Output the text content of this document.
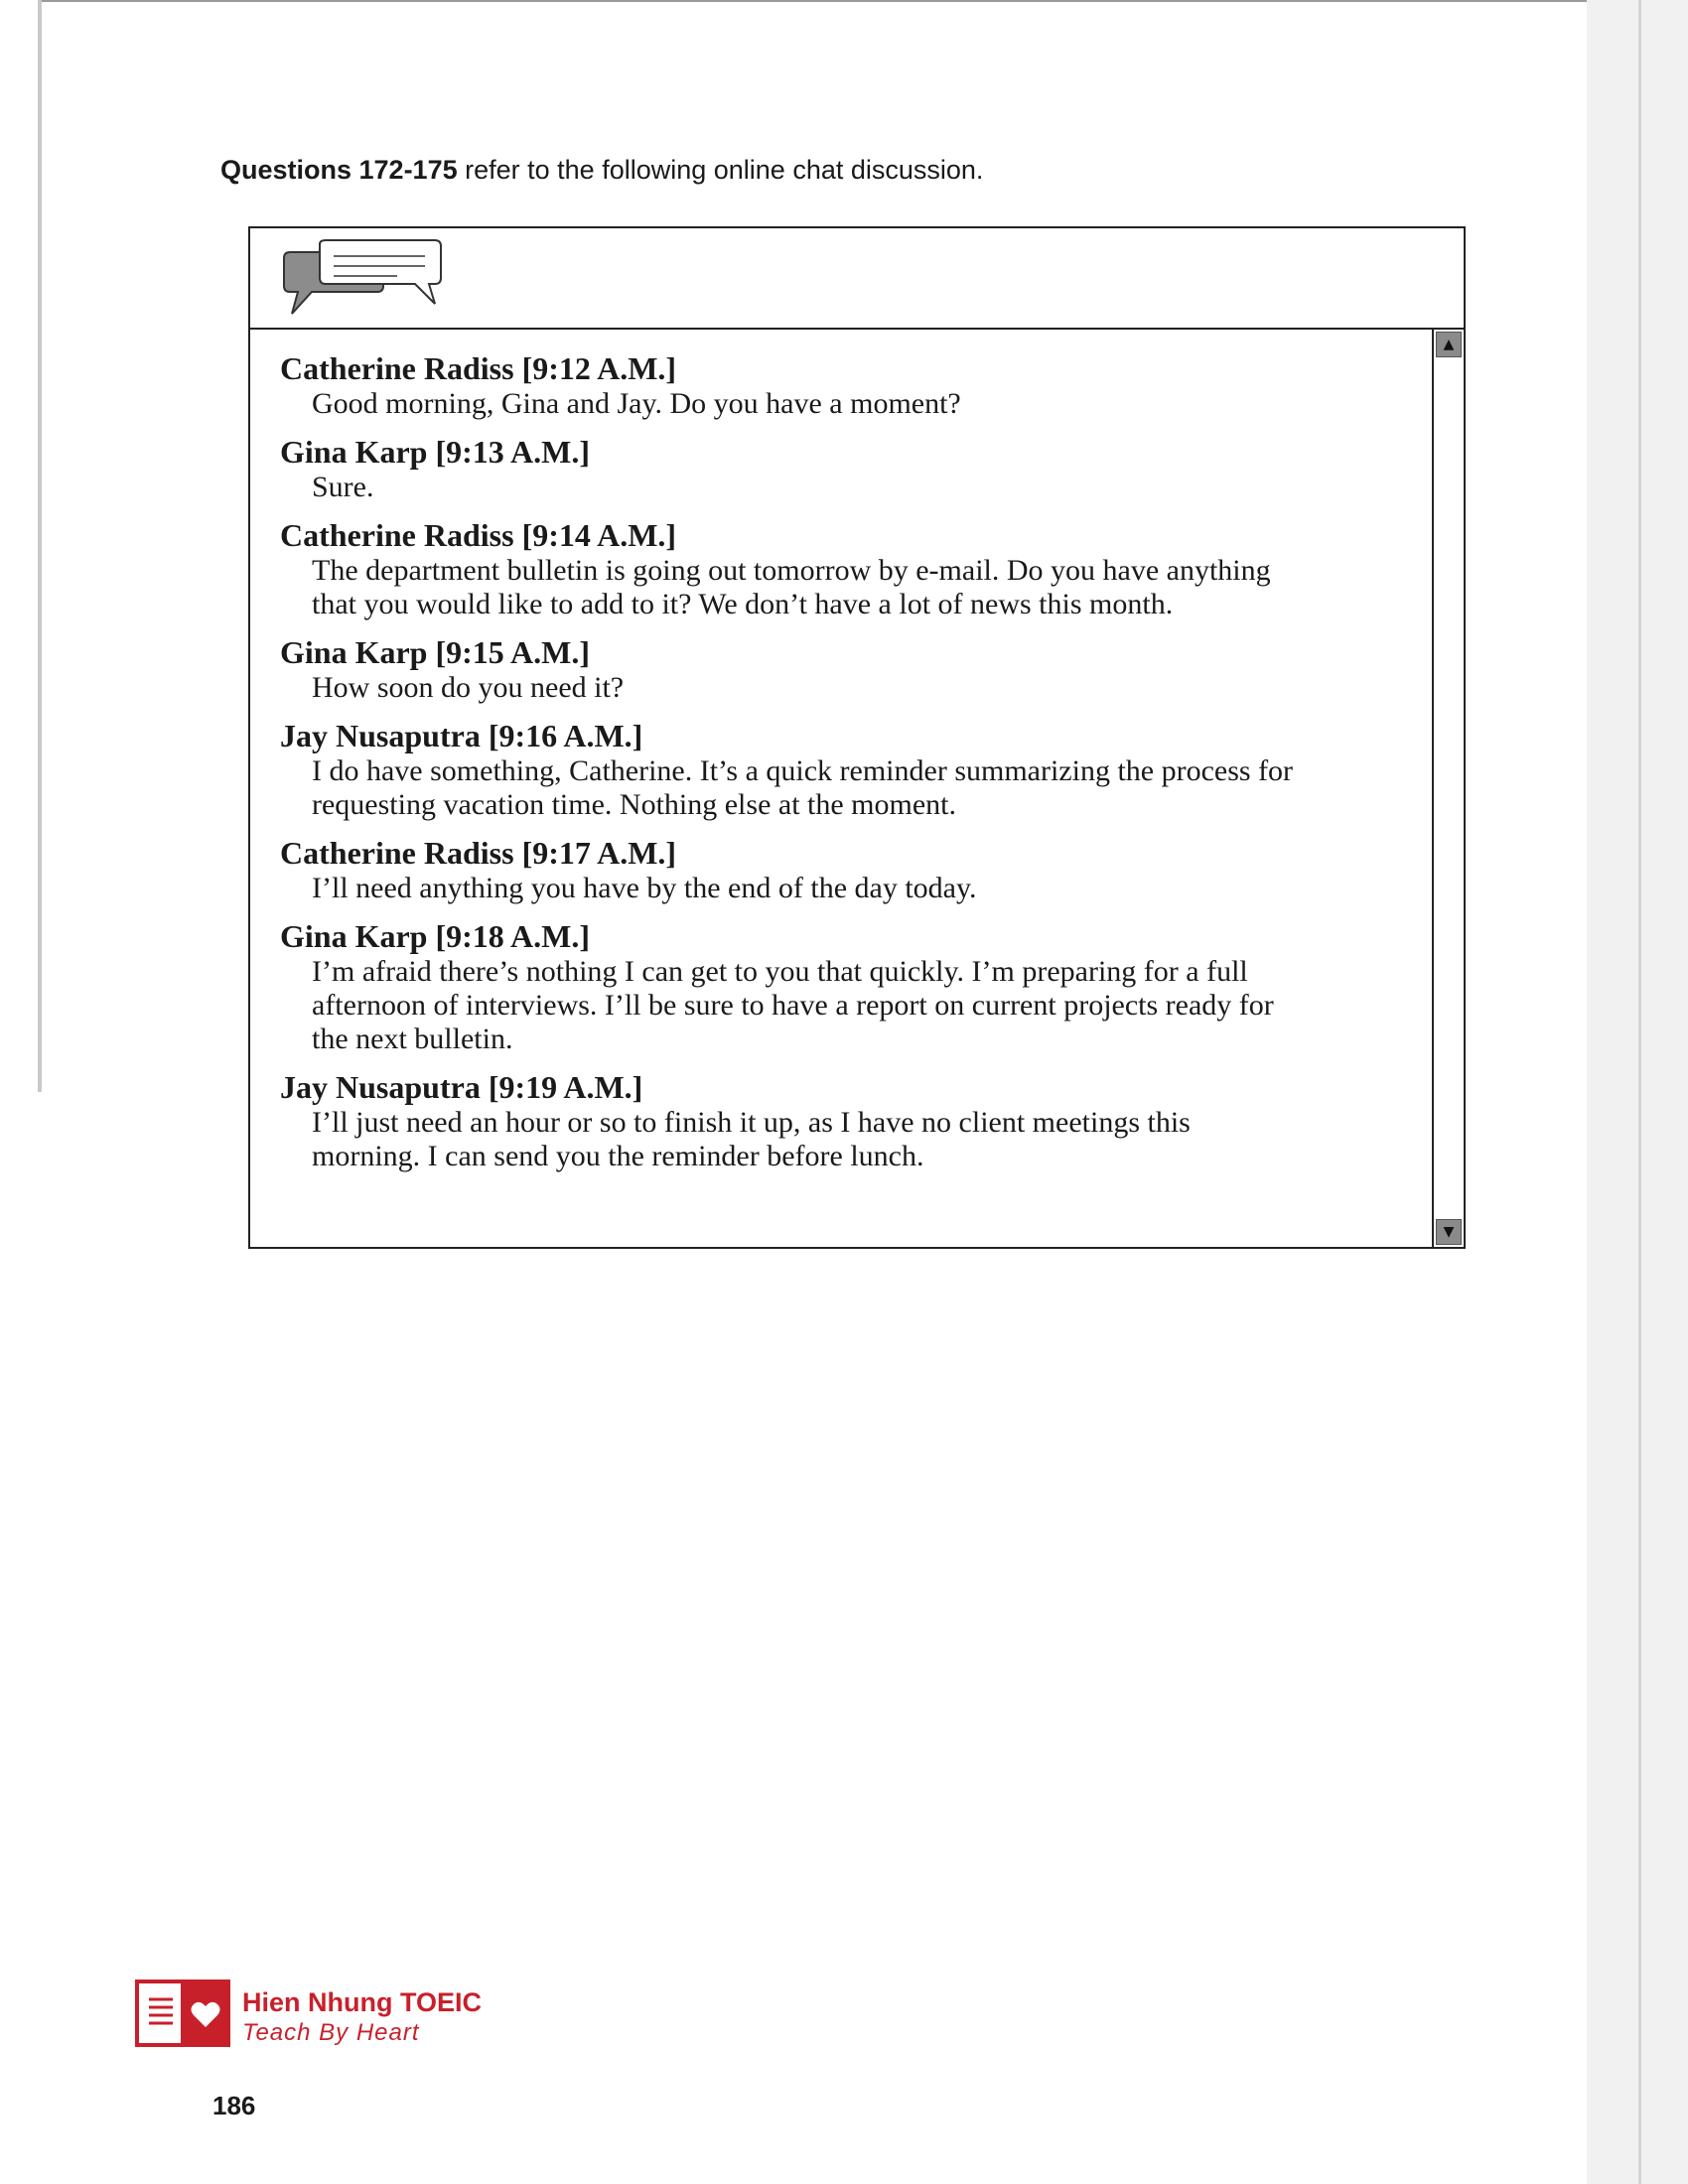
Questions 172-175 refer to the following online chat discussion.
Catherine Radiss [9:12 A.M.]
Good morning, Gina and Jay. Do you have a moment?
Gina Karp [9:13 A.M.]
Sure.
Catherine Radiss [9:14 A.M.]
The department bulletin is going out tomorrow by e-mail. Do you have anything
that you would like to add to it? We don’t have a lot of news this month.
Gina Karp [9:15 A.M.]
How soon do you need it?
Jay Nusaputra [9:16 A.M.]
I do have something, Catherine. It’s a quick reminder summarizing the process for
requesting vacation time. Nothing else at the moment.
Catherine Radiss [9:17 A.M.]
I’ll need anything you have by the end of the day today.
Gina Karp [9:18 A.M.]
I’m afraid there’s nothing I can get to you that quickly. I’m preparing for a full
afternoon of interviews. I’ll be sure to have a report on current projects ready for
the next bulletin.
Jay Nusaputra [9:19 A.M.]
I’ll just need an hour or so to finish it up, as I have no client meetings this
morning. I can send you the reminder before lunch.
▲
▼
Hien Nhung TOEIC
Teach By Heart
186
